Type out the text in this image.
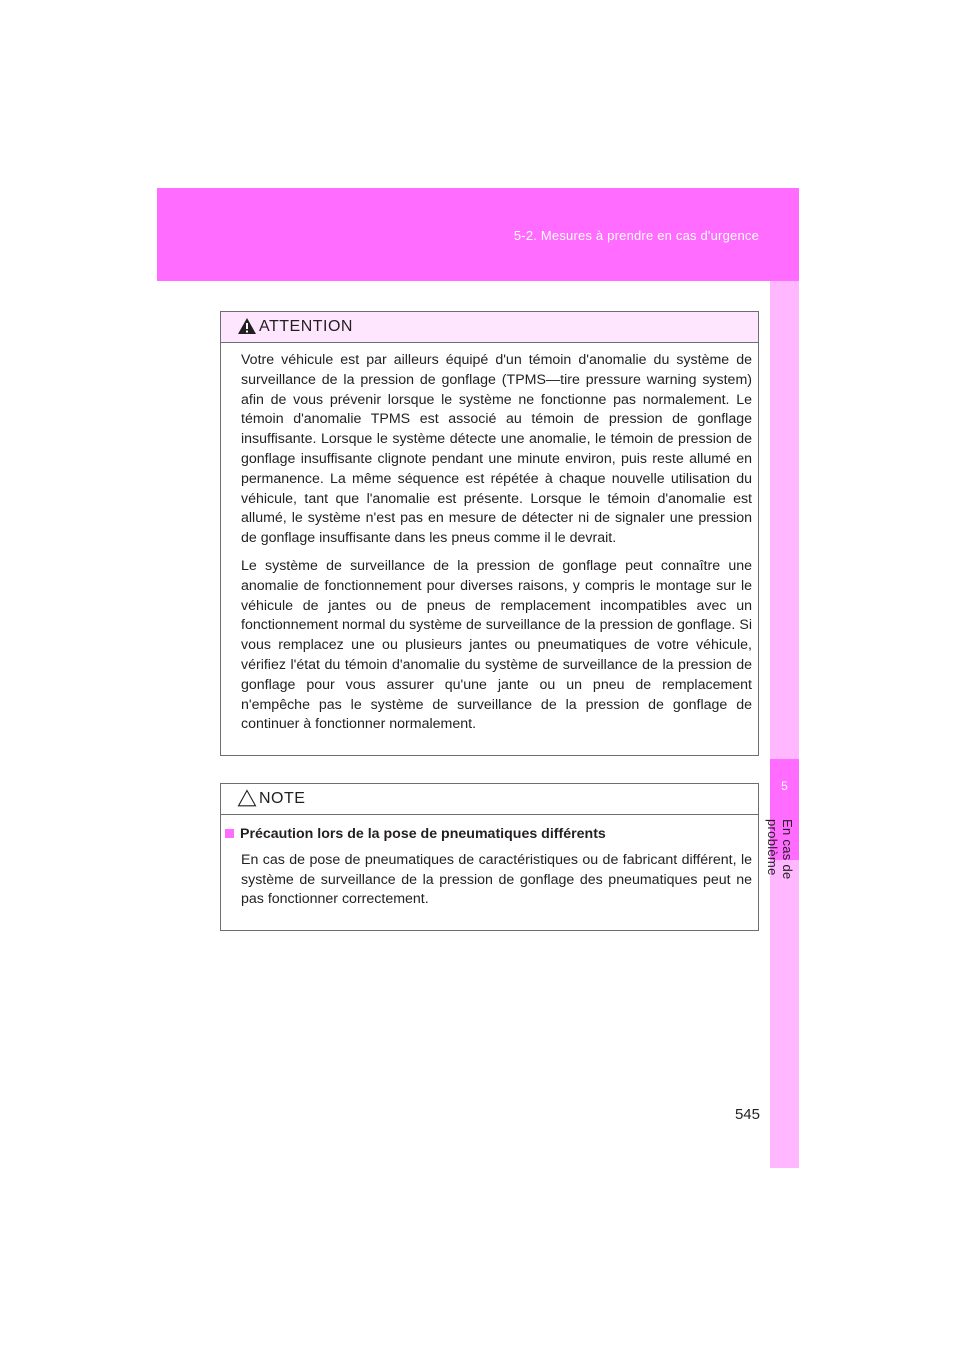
5-2. Mesures à prendre en cas d'urgence
5
En cas de problème
ATTENTION

Votre véhicule est par ailleurs équipé d'un témoin d'anomalie du système de surveillance de la pression de gonflage (TPMS—tire pressure warning system) afin de vous prévenir lorsque le système ne fonctionne pas normalement. Le témoin d'anomalie TPMS est associé au témoin de pression de gonflage insuffisante. Lorsque le système détecte une anomalie, le témoin de pression de gonflage insuffisante clignote pendant une minute environ, puis reste allumé en permanence. La même séquence est répétée à chaque nouvelle utilisation du véhicule, tant que l'anomalie est présente. Lorsque le témoin d'anomalie est allumé, le système n'est pas en mesure de détecter ni de signaler une pression de gonflage insuffisante dans les pneus comme il le devrait.

Le système de surveillance de la pression de gonflage peut connaître une anomalie de fonctionnement pour diverses raisons, y compris le montage sur le véhicule de jantes ou de pneus de remplacement incompatibles avec un fonctionnement normal du système de surveillance de la pression de gonflage. Si vous remplacez une ou plusieurs jantes ou pneumatiques de votre véhicule, vérifiez l'état du témoin d'anomalie du système de surveillance de la pression de gonflage pour vous assurer qu'une jante ou un pneu de remplacement n'empêche pas le système de surveillance de la pression de gonflage de continuer à fonctionner normalement.

NOTE

Précaution lors de la pose de pneumatiques différents

En cas de pose de pneumatiques de caractéristiques ou de fabricant différent, le système de surveillance de la pression de gonflage des pneumatiques peut ne pas fonctionner correctement.

545
